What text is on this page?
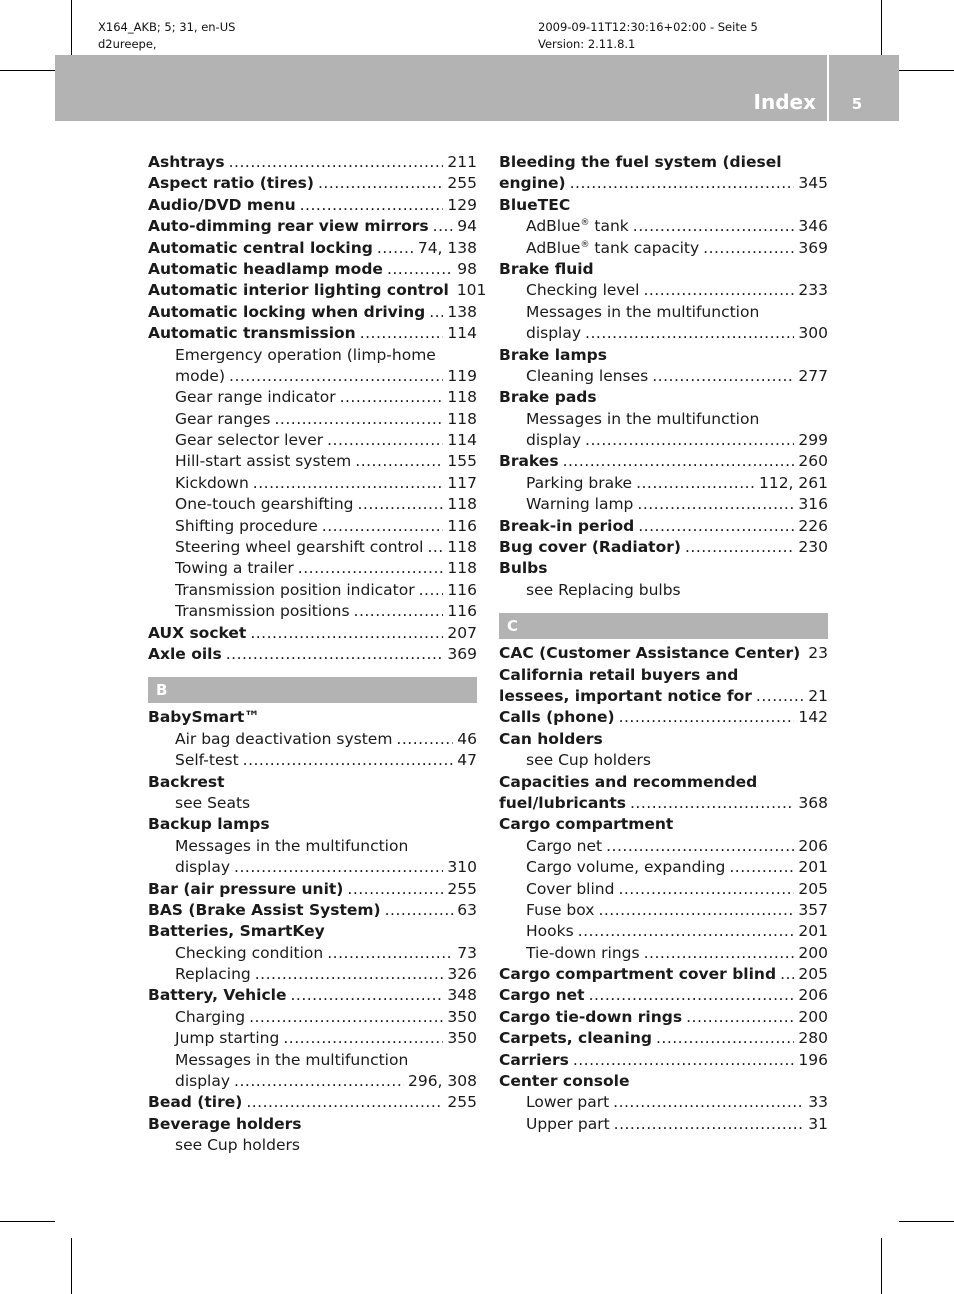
X164_AKB; 5; 31, en-US
d2ureepe,
2009-09-11T12:30:16+02:00 - Seite 5
Version: 2.11.8.1
Index	5
Ashtrays .....	211
Aspect ratio (tires) .....	255
Audio/DVD menu .....	129
Auto-dimming rear view mirrors ..... 94
Automatic central locking .....	74, 138
Automatic headlamp mode .....	98
Automatic interior lighting control 101
Automatic locking when driving ..... 138
Automatic transmission .....	114
Emergency operation (limp-home
mode) .....	119
Gear range indicator .....	118
Gear ranges .....	118
Gear selector lever .....	114
Hill-start assist system .....	155
Kickdown .....	117
One-touch gearshifting .....	118
Shifting procedure .....	116
Steering wheel gearshift control ..... 118
Towing a trailer .....	118
Transmission position indicator ..... 116
Transmission positions .....	116
AUX socket .....	207
Axle oils .....	369
B
BabySmart™
Air bag deactivation system .....	46
Self-test .....	47
Backrest
see Seats
Backup lamps
Messages in the multifunction
display .....	310
Bar (air pressure unit) .....	255
BAS (Brake Assist System) .....	63
Batteries, SmartKey
Checking condition .....	73
Replacing .....	326
Battery, Vehicle .....	348
Charging .....	350
Jump starting .....	350
Messages in the multifunction
display .....	296, 308
Bead (tire) .....	255
Beverage holders
see Cup holders
Bleeding the fuel system (diesel
engine) .....	345
BlueTEC
AdBlue® tank .....	346
AdBlue® tank capacity .....	369
Brake fluid
Checking level .....	233
Messages in the multifunction
display .....	300
Brake lamps
Cleaning lenses .....	277
Brake pads
Messages in the multifunction
display .....	299
Brakes .....	260
Parking brake .....	112, 261
Warning lamp .....	316
Break-in period .....	226
Bug cover (Radiator) .....	230
Bulbs
see Replacing bulbs
C
CAC (Customer Assistance Center) ..... 23
California retail buyers and
lessees, important notice for .....	21
Calls (phone) .....	142
Can holders
see Cup holders
Capacities and recommended
fuel/lubricants .....	368
Cargo compartment
Cargo net .....	206
Cargo volume, expanding .....	201
Cover blind .....	205
Fuse box .....	357
Hooks .....	201
Tie-down rings .....	200
Cargo compartment cover blind ..... 205
Cargo net .....	206
Cargo tie-down rings .....	200
Carpets, cleaning .....	280
Carriers .....	196
Center console
Lower part .....	33
Upper part .....	31
